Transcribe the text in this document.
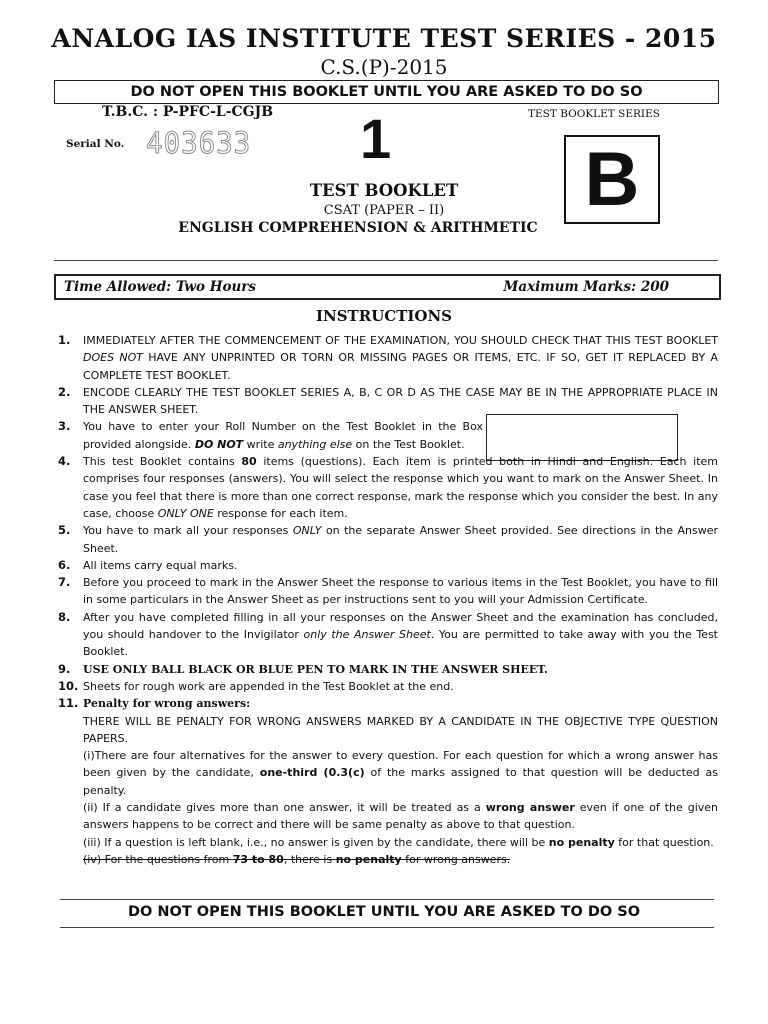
ANALOG IAS INSTITUTE TEST SERIES - 2015
C.S.(P)-2015
DO NOT OPEN THIS BOOKLET UNTIL YOU ARE ASKED TO DO SO
T.B.C. : P-PFC-L-CGJB	TEST BOOKLET SERIES
Serial No. 403633 1	B
TEST BOOKLET
CSAT (PAPER – II)
ENGLISH COMPREHENSION & ARITHMETIC
Time Allowed: Two Hours	Maximum Marks: 200
INSTRUCTIONS
1. IMMEDIATELY AFTER THE COMMENCEMENT OF THE EXAMINATION, YOU SHOULD CHECK THAT THIS TEST BOOKLET DOES NOT HAVE ANY UNPRINTED OR TORN OR MISSING PAGES OR ITEMS, ETC. IF SO, GET IT REPLACED BY A COMPLETE TEST BOOKLET.
2. ENCODE CLEARLY THE TEST BOOKLET SERIES A, B, C OR D AS THE CASE MAY BE IN THE APPROPRIATE PLACE IN THE ANSWER SHEET.
3. You have to enter your Roll Number on the Test Booklet in the Box provided alongside. DO NOT write anything else on the Test Booklet.
4. This test Booklet contains 80 items (questions). Each item is printed both in Hindi and English. Each item comprises four responses (answers). You will select the response which you want to mark on the Answer Sheet. In case you feel that there is more than one correct response, mark the response which you consider the best. In any case, choose ONLY ONE response for each item.
5. You have to mark all your responses ONLY on the separate Answer Sheet provided. See directions in the Answer Sheet.
6. All items carry equal marks.
7. Before you proceed to mark in the Answer Sheet the response to various items in the Test Booklet, you have to fill in some particulars in the Answer Sheet as per instructions sent to you will your Admission Certificate.
8. After you have completed filling in all your responses on the Answer Sheet and the examination has concluded, you should handover to the Invigilator only the Answer Sheet. You are permitted to take away with you the Test Booklet.
9. USE ONLY BALL BLACK OR BLUE PEN TO MARK IN THE ANSWER SHEET.
10. Sheets for rough work are appended in the Test Booklet at the end.
11. Penalty for wrong answers:
THERE WILL BE PENALTY FOR WRONG ANSWERS MARKED BY A CANDIDATE IN THE OBJECTIVE TYPE QUESTION PAPERS.
(i)There are four alternatives for the answer to every question. For each question for which a wrong answer has been given by the candidate, one-third (0.3(c) of the marks assigned to that question will be deducted as penalty.
(ii) If a candidate gives more than one answer, it will be treated as a wrong answer even if one of the given answers happens to be correct and there will be same penalty as above to that question.
(iii) If a question is left blank, i.e., no answer is given by the candidate, there will be no penalty for that question.
(iv) For the questions from 73 to 80, there is no penalty for wrong answers.
DO NOT OPEN THIS BOOKLET UNTIL YOU ARE ASKED TO DO SO
